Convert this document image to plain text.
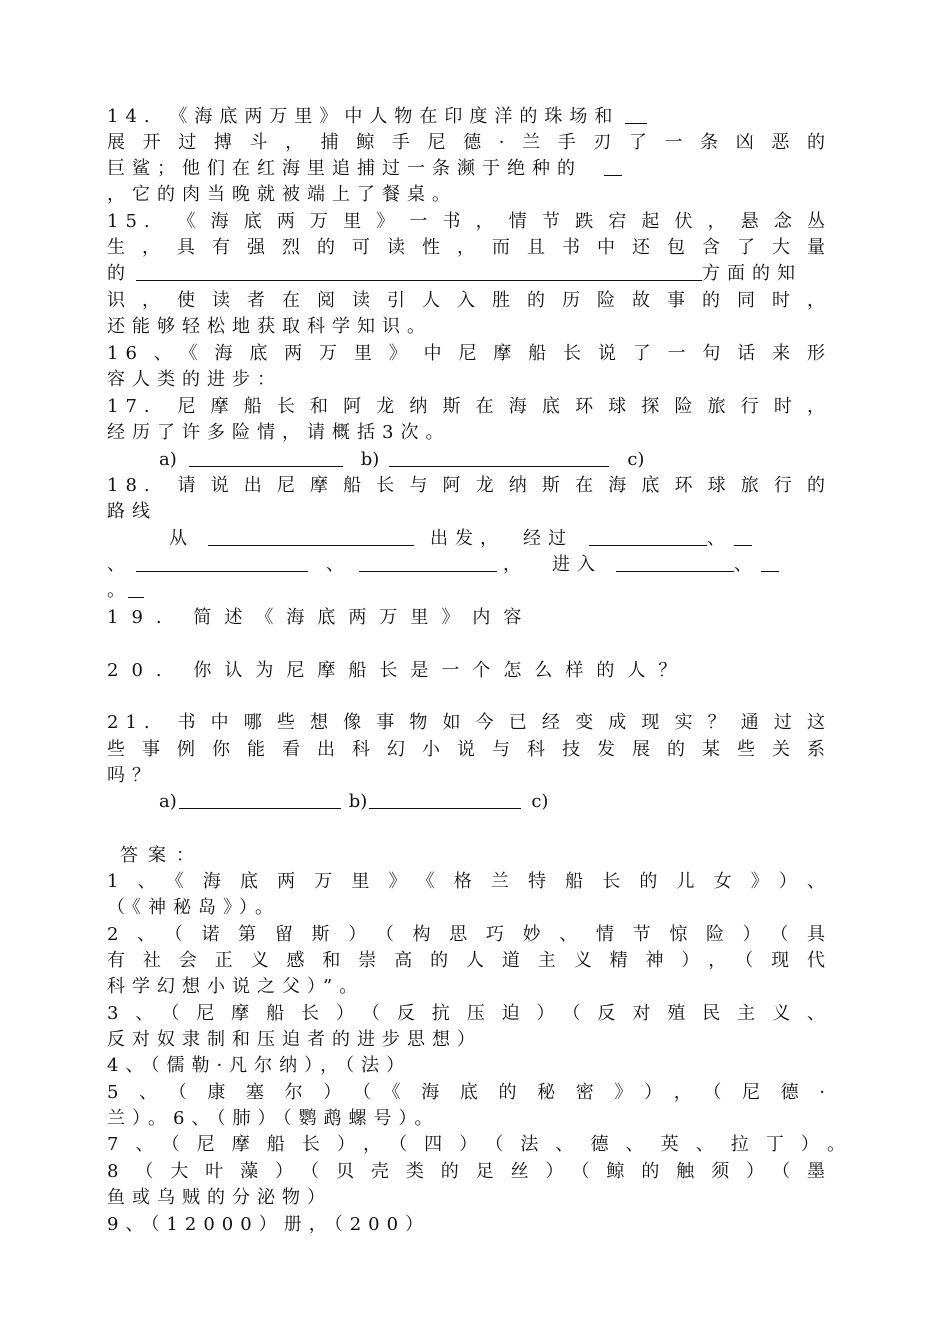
14. 《海底两万里》中人物在印度洋的珠场和
展开过搏斗，捕鲸手尼德·兰手刃了一条凶恶的
巨鲨；他们在红海里追捕过一条濒于绝种的
，它的肉当晚就被端上了餐桌。
15. 《海底两万里》一书，情节跌宕起伏，悬念丛
生，具有强烈的可读性，而且书中还包含了大量
的	方面的知
识，使读者在阅读引人入胜的历险故事的同时，
还能够轻松地获取科学知识。
16、《海底两万里》中尼摩船长说了一句话来形
容人类的进步：
17. 尼摩船长和阿龙纳斯在海底环球探险旅行时，
经历了许多险情，请概括3次。
a)	b)	c)
18. 请说出尼摩船长与阿龙纳斯在海底环球旅行的
路线
从	出发， 经过	、
、	、	， 进入	、
。
19. 简述《海底两万里》内容
20. 你认为尼摩船长是一个怎么样的人？
21. 书中哪些想像事物如今已经变成现实？通过这
些事例你能看出科幻小说与科技发展的某些关系
吗？
a)	b)	c)
答案：
1、《海底两万里》《格兰特船长的儿女》）、
（《神秘岛》）。
2、（诺第留斯）（构思巧妙、情节惊险）（具
有社会正义感和崇高的人道主义精神），（现代
科学幻想小说之父）”。
3、（尼摩船长）（反抗压迫）（反对殖民主义、
反对奴隶制和压迫者的进步思想）
4、（儒勒·凡尔纳），（法）
5、（康塞尔）（《海底的秘密》），（尼德·
兰）。6、（肺）（鹦鹉螺号）。
7、（尼摩船长），（四）（法、德、英、拉丁）。
8（大叶藻）（贝壳类的足丝）（鲸的触须）（墨
鱼或乌贼的分泌物）
9、（12000）册，（200）
